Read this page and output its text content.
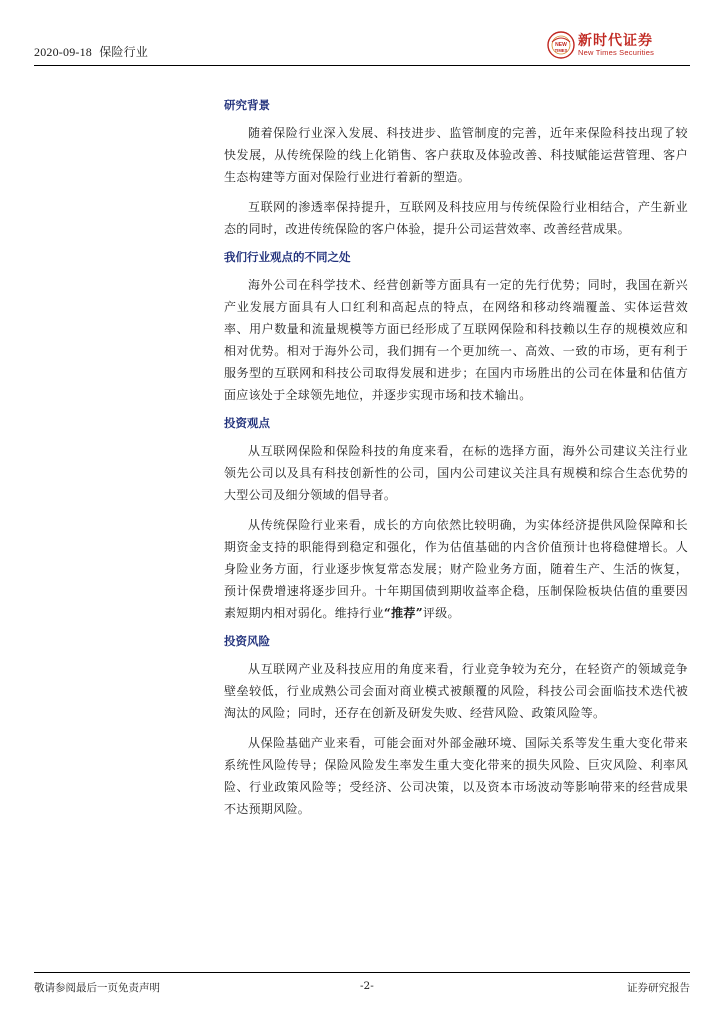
2020-09-18 保险行业	NEW
TIMES
新时代证券
New Times Securities
研究背景

随着保险行业深入发展、科技进步、监管制度的完善，近年来保险科技出现了较快发展，从传统保险的线上化销售、客户获取及体验改善、科技赋能运营管理、客户生态构建等方面对保险行业进行着新的塑造。

互联网的渗透率保持提升，互联网及科技应用与传统保险行业相结合，产生新业态的同时，改进传统保险的客户体验，提升公司运营效率、改善经营成果。

我们行业观点的不同之处

海外公司在科学技术、经营创新等方面具有一定的先行优势；同时，我国在新兴产业发展方面具有人口红利和高起点的特点，在网络和移动终端覆盖、实体运营效率、用户数量和流量规模等方面已经形成了互联网保险和科技赖以生存的规模效应和相对优势。相对于海外公司，我们拥有一个更加统一、高效、一致的市场，更有利于服务型的互联网和科技公司取得发展和进步；在国内市场胜出的公司在体量和估值方面应该处于全球领先地位，并逐步实现市场和技术输出。

投资观点

从互联网保险和保险科技的角度来看，在标的选择方面，海外公司建议关注行业领先公司以及具有科技创新性的公司，国内公司建议关注具有规模和综合生态优势的大型公司及细分领域的倡导者。

从传统保险行业来看，成长的方向依然比较明确，为实体经济提供风险保障和长期资金支持的职能得到稳定和强化，作为估值基础的内含价值预计也将稳健增长。人身险业务方面，行业逐步恢复常态发展；财产险业务方面，随着生产、生活的恢复，预计保费增速将逐步回升。十年期国债到期收益率企稳，压制保险板块估值的重要因素短期内相对弱化。维持行业“推荐”评级。

投资风险

从互联网产业及科技应用的角度来看，行业竞争较为充分，在轻资产的领域竞争壁垒较低，行业成熟公司会面对商业模式被颠覆的风险，科技公司会面临技术迭代被淘汰的风险；同时，还存在创新及研发失败、经营风险、政策风险等。

从保险基础产业来看，可能会面对外部金融环境、国际关系等发生重大变化带来系统性风险传导；保险风险发生率发生重大变化带来的损失风险、巨灾风险、利率风险、行业政策风险等；受经济、公司决策，以及资本市场波动等影响带来的经营成果不达预期风险。

敬请参阅最后一页免责声明	-2-	证券研究报告
